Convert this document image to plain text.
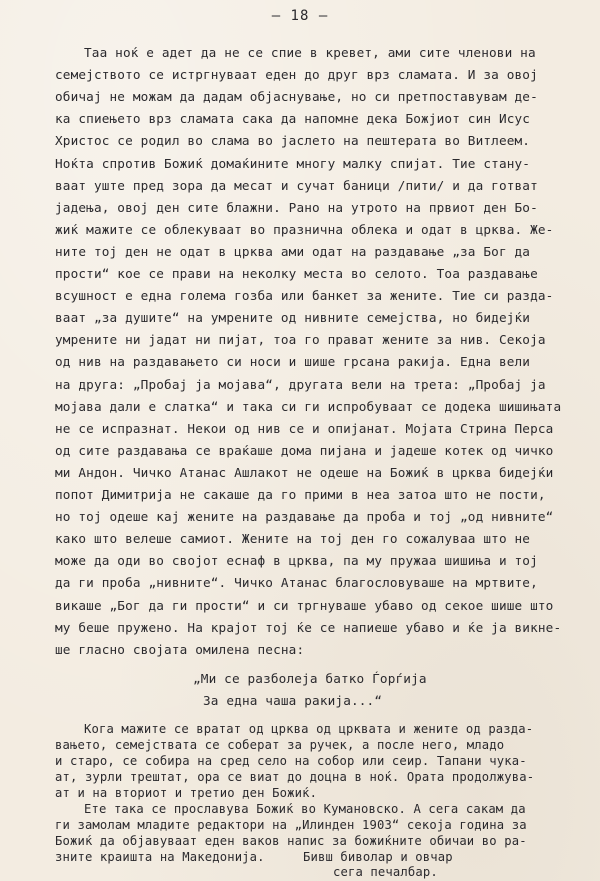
— 18 —
Таа ноќ е адет да не се спие в кревет, ами сите членови на
семејството се истргнуваат еден до друг врз сламата. И за овој
обичај не можам да дадам објаснување, но си претпоставувам де-
ка спиењето врз сламата сака да напомне дека Божјиот син Исус
Христос се родил во слама во јаслето на пештерата во Витлеем.
Ноќта спротив Божиќ домаќините многу малку спијат. Тие стану-
ваат уште пред зора да месат и сучат баници /пити/ и да готват
јадења, овој ден сите блажни. Рано на утрото на првиот ден Бо-
жиќ мажите се облекуваат во празнична облека и одат в црква. Же-
ните тој ден не одат в црква ами одат на раздавање „за Бог да
прости“ кое се прави на неколку места во селото. Тоа раздавање
всушност е една голема гозба или банкет за жените. Тие си разда-
ваат „за душите“ на умрените од нивните семејства, но бидејќи
умрените ни јадат ни пијат, тоа го прават жените за нив. Секоја
од нив на раздавањето си носи и шише грсана ракија. Една вели
на друга: „Пробај ја мојава“, другата вели на трета: „Пробај ја
мојава дали е слатка“ и така си ги испробуваат се додека шишињата
не се испразнат. Некои од нив се и опијанат. Мојата Стрина Перса
од сите раздавања се враќаше дома пијана и јадеше котек од чичко
ми Андон. Чичко Атанас Ашлакот не одеше на Божиќ в црква бидејќи
попот Димитрија не сакаше да го прими в неа затоа што не пости,
но тој одеше кај жените на раздавање да проба и тој „од нивните“
како што велеше самиот. Жените на тој ден го сожалуваа што не
може да оди во својот еснаф в црква, па му пружаа шишиња и тој
да ги проба „нивните“. Чичко Атанас благословуваше на мртвите,
викаше „Бог да ги прости“ и си тргнуваше убаво од секое шише што
му беше пружено. На крајот тој ќе се напиеше убаво и ќе ја викне-
ше гласно својата омилена песна:
„Ми се разболеја батко Ѓорѓија
За една чаша ракија...“
Кога мажите се вратат од црква од црквата и жените од разда-
вањето, семејствата се соберат за ручек, а после него, младо
и старо, се собира на сред село на собор или сеир. Тапани чука-
ат, зурли трештат, ора се виат до доцна в ноќ. Ората продолжува-
ат и на вториот и третио ден Божиќ.
Ете така се прославува Божиќ во Кумановско. А сега сакам да
ги замолам младите редактори на „Илинден 1903“ секоја година за
Божиќ да објавуваат еден ваков напис за божиќните обичаи во ра-
зните краишта на Македонија.	Бивш биволар и овчар
сега печалбар.
